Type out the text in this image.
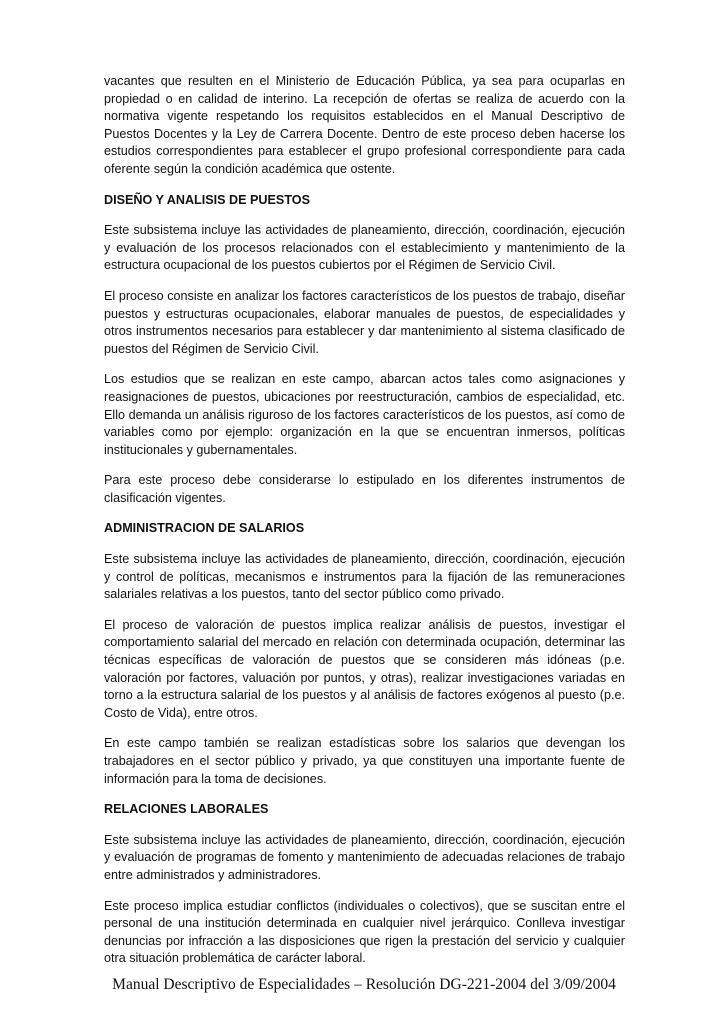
vacantes que resulten en el Ministerio de Educación Pública, ya sea para ocuparlas en propiedad o en calidad de interino. La recepción de ofertas se realiza de acuerdo con la normativa vigente respetando los requisitos establecidos en el Manual Descriptivo de Puestos Docentes y la Ley de Carrera Docente. Dentro de este proceso deben hacerse los estudios correspondientes para establecer el grupo profesional correspondiente para cada oferente según la condición académica que ostente.

DISEÑO Y ANALISIS DE PUESTOS

Este subsistema incluye las actividades de planeamiento, dirección, coordinación, ejecución y evaluación de los procesos relacionados con el establecimiento y mantenimiento de la estructura ocupacional de los puestos cubiertos por el Régimen de Servicio Civil.

El proceso consiste en analizar los factores característicos de los puestos de trabajo, diseñar puestos y estructuras ocupacionales, elaborar manuales de puestos, de especialidades y otros instrumentos necesarios para establecer y dar mantenimiento al sistema clasificado de puestos del Régimen de Servicio Civil.

Los estudios que se realizan en este campo, abarcan actos tales como asignaciones y reasignaciones de puestos, ubicaciones por reestructuración, cambios de especialidad, etc. Ello demanda un análisis riguroso de los factores característicos de los puestos, así como de variables como por ejemplo: organización en la que se encuentran inmersos, políticas institucionales y gubernamentales.

Para este proceso debe considerarse lo estipulado en los diferentes instrumentos de clasificación vigentes.

ADMINISTRACION DE SALARIOS

Este subsistema incluye las actividades de planeamiento, dirección, coordinación, ejecución y control de políticas, mecanismos e instrumentos para la fijación de las remuneraciones salariales relativas a los puestos, tanto del sector público como privado.

El proceso de valoración de puestos implica realizar análisis de puestos, investigar el comportamiento salarial del mercado en relación con determinada ocupación, determinar las técnicas específicas de valoración de puestos que se consideren más idóneas (p.e. valoración por factores, valuación por puntos, y otras), realizar investigaciones variadas en torno a la estructura salarial de los puestos y al análisis de factores exógenos al puesto (p.e. Costo de Vida), entre otros.

En este campo también se realizan estadísticas sobre los salarios que devengan los trabajadores en el sector público y privado, ya que constituyen una importante fuente de información para la toma de decisiones.

RELACIONES LABORALES

Este subsistema incluye las actividades de planeamiento, dirección, coordinación, ejecución y evaluación de programas de fomento y mantenimiento de adecuadas relaciones de trabajo entre administrados y administradores.

Este proceso implica estudiar conflictos (individuales o colectivos), que se suscitan entre el personal de una institución determinada en cualquier nivel jerárquico. Conlleva investigar denuncias por infracción a las disposiciones que rigen la prestación del servicio y cualquier otra situación problemática de carácter laboral.

Manual Descriptivo de Especialidades – Resolución DG-221-2004 del 3/09/2004
